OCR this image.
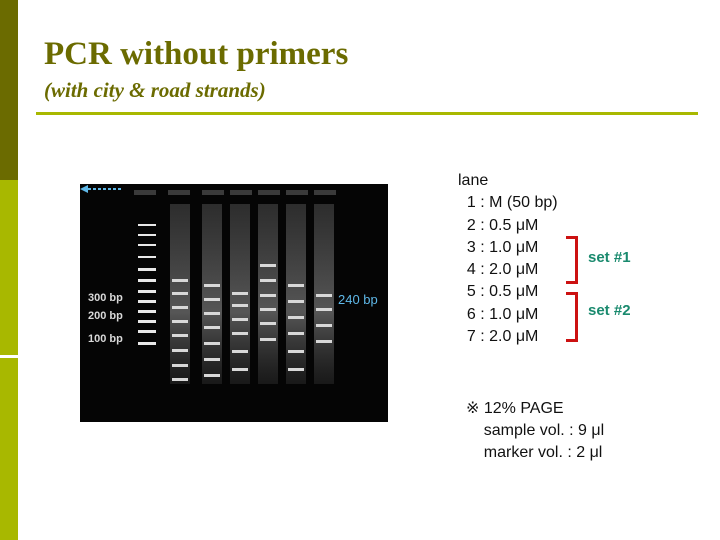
PCR without primers
(with city & road strands)
300 bp
200 bp
100 bp
240 bp
lane
1 : M (50 bp)
2 : 0.5 μM
3 : 1.0 μM
4 : 2.0 μM
5 : 0.5 μM
6 : 1.0 μM
7 : 2.0 μM
set #1
set #2
※ 12% PAGE
sample vol. : 9 μl
marker vol. : 2 μl
